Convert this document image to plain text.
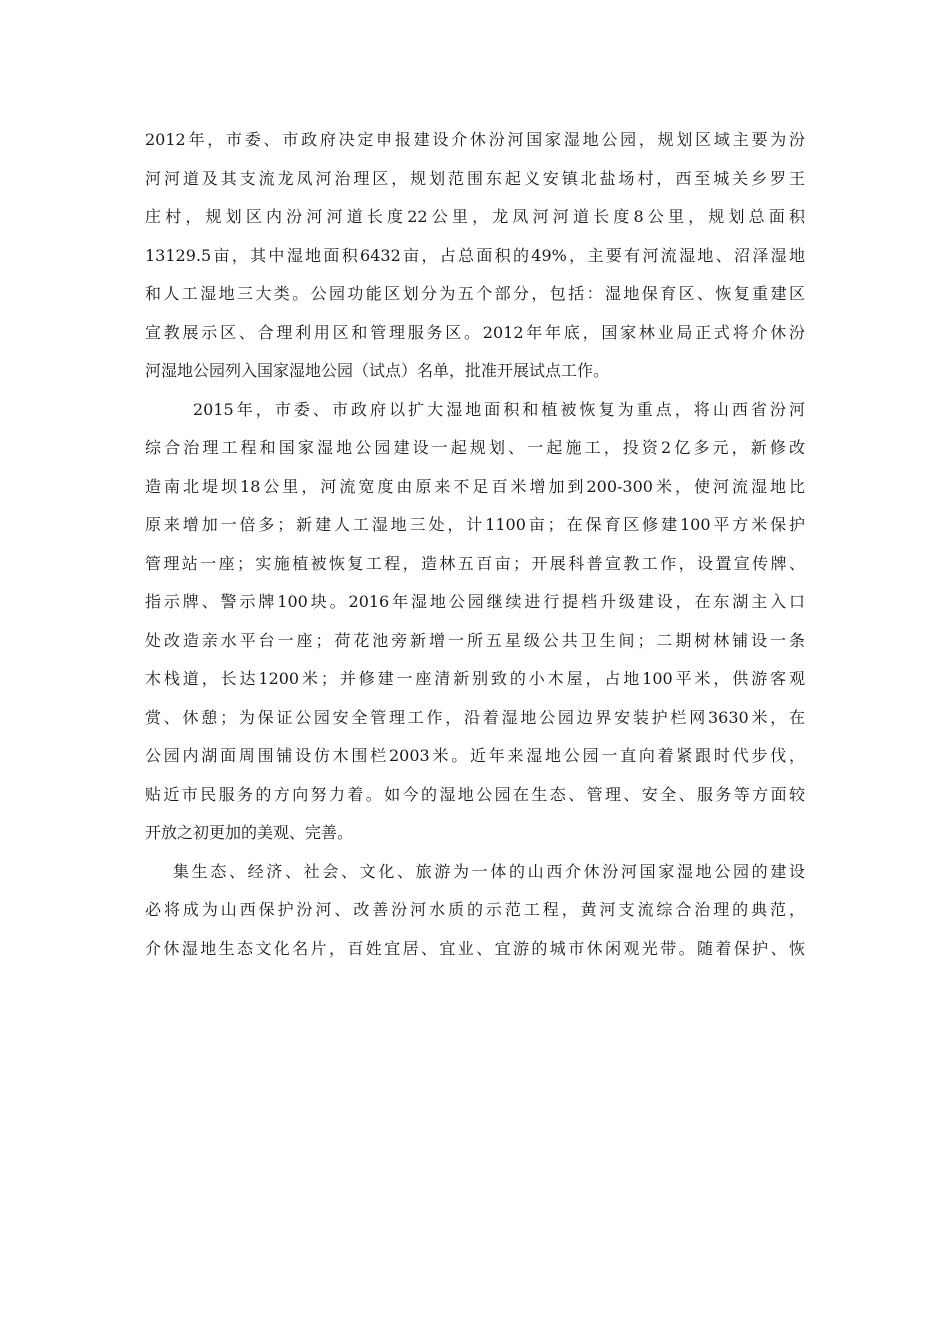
2012年，市委、市政府决定申报建设介休汾河国家湿地公园，规划区域主要为汾
河河道及其支流龙凤河治理区，规划范围东起义安镇北盐场村，西至城关乡罗王
庄村，规划区内汾河河道长度22公里，龙凤河河道长度8公里，规划总面积
13129.5亩，其中湿地面积6432亩，占总面积的49%，主要有河流湿地、沼泽湿地
和人工湿地三大类。公园功能区划分为五个部分，包括：湿地保育区、恢复重建区
宣教展示区、合理利用区和管理服务区。2012年年底，国家林业局正式将介休汾
河湿地公园列入国家湿地公园（试点）名单，批准开展试点工作。
2015年，市委、市政府以扩大湿地面积和植被恢复为重点，将山西省汾河
综合治理工程和国家湿地公园建设一起规划、一起施工，投资2亿多元，新修改
造南北堤坝18公里，河流宽度由原来不足百米增加到200-300米，使河流湿地比
原来增加一倍多；新建人工湿地三处，计1100亩；在保育区修建100平方米保护
管理站一座；实施植被恢复工程，造林五百亩；开展科普宣教工作，设置宣传牌、
指示牌、警示牌100块。2016年湿地公园继续进行提档升级建设，在东湖主入口
处改造亲水平台一座；荷花池旁新增一所五星级公共卫生间；二期树林铺设一条
木栈道，长达1200米；并修建一座清新别致的小木屋，占地100平米，供游客观
赏、休憩；为保证公园安全管理工作，沿着湿地公园边界安装护栏网3630米，在
公园内湖面周围铺设仿木围栏2003米。近年来湿地公园一直向着紧跟时代步伐，
贴近市民服务的方向努力着。如今的湿地公园在生态、管理、安全、服务等方面较
开放之初更加的美观、完善。
集生态、经济、社会、文化、旅游为一体的山西介休汾河国家湿地公园的建设
必将成为山西保护汾河、改善汾河水质的示范工程，黄河支流综合治理的典范，
介休湿地生态文化名片，百姓宜居、宜业、宜游的城市休闲观光带。随着保护、恢
